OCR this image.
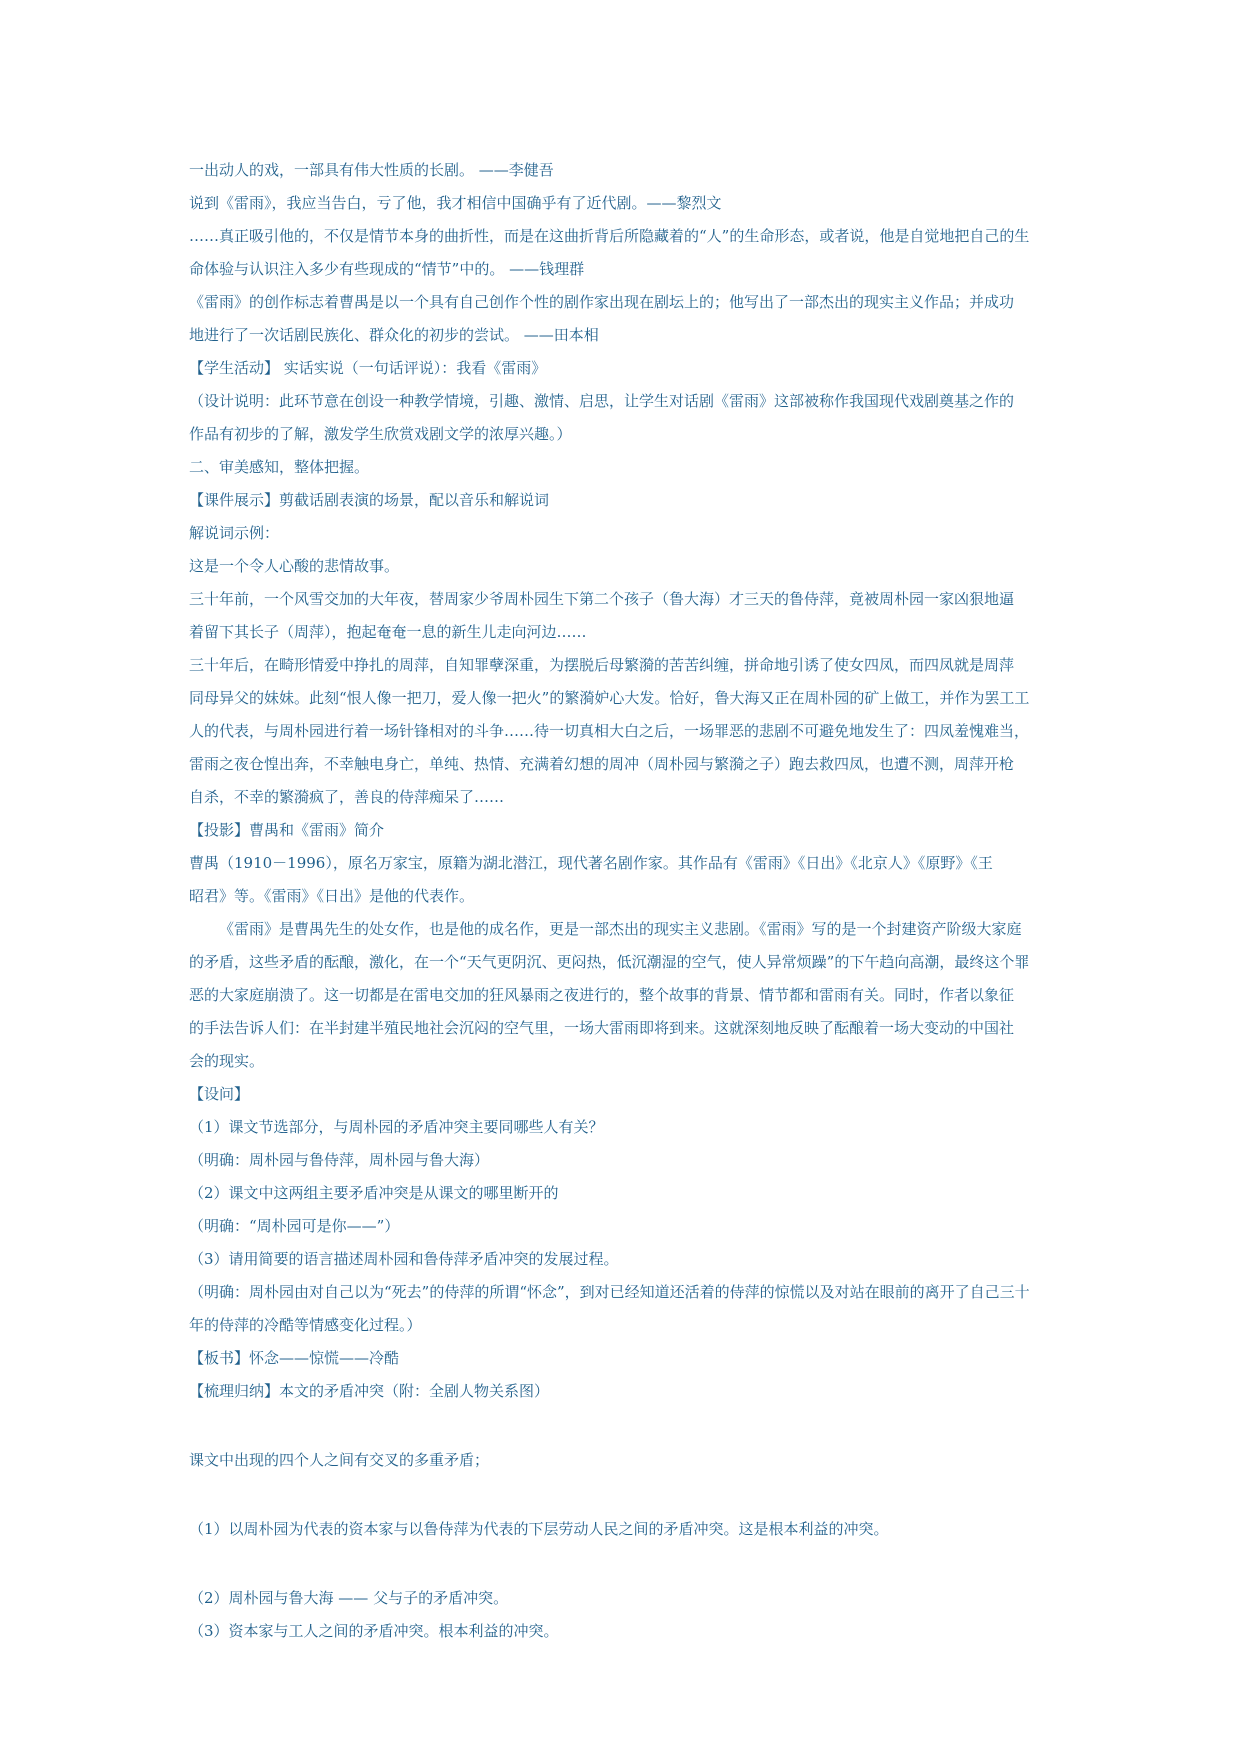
一出动人的戏，一部具有伟大性质的长剧。 ——李健吾
说到《雷雨》，我应当告白，亏了他，我才相信中国确乎有了近代剧。——黎烈文
……真正吸引他的，不仅是情节本身的曲折性，而是在这曲折背后所隐藏着的“人”的生命形态，或者说，他是自觉地把自己的生
命体验与认识注入多少有些现成的“情节”中的。 ——钱理群
《雷雨》的创作标志着曹禺是以一个具有自己创作个性的剧作家出现在剧坛上的；他写出了一部杰出的现实主义作品；并成功
地进行了一次话剧民族化、群众化的初步的尝试。 ——田本相
【学生活动】 实话实说（一句话评说）：我看《雷雨》
（设计说明：此环节意在创设一种教学情境，引趣、激情、启思，让学生对话剧《雷雨》这部被称作我国现代戏剧奠基之作的
作品有初步的了解，激发学生欣赏戏剧文学的浓厚兴趣。）
二、审美感知，整体把握。
【课件展示】剪截话剧表演的场景，配以音乐和解说词
解说词示例：
这是一个令人心酸的悲情故事。
三十年前，一个风雪交加的大年夜，替周家少爷周朴园生下第二个孩子（鲁大海）才三天的鲁侍萍，竟被周朴园一家凶狠地逼
着留下其长子（周萍），抱起奄奄一息的新生儿走向河边……
三十年后，在畸形情爱中挣扎的周萍，自知罪孽深重，为摆脱后母繁漪的苦苦纠缠，拼命地引诱了使女四凤，而四凤就是周萍
同母异父的妹妹。此刻“恨人像一把刀，爱人像一把火”的繁漪妒心大发。恰好，鲁大海又正在周朴园的矿上做工，并作为罢工工
人的代表，与周朴园进行着一场针锋相对的斗争……待一切真相大白之后，一场罪恶的悲剧不可避免地发生了：四凤羞愧难当，
雷雨之夜仓惶出奔，不幸触电身亡，单纯、热情、充满着幻想的周冲（周朴园与繁漪之子）跑去救四凤，也遭不测，周萍开枪
自杀，不幸的繁漪疯了，善良的侍萍痴呆了……
【投影】曹禺和《雷雨》简介
曹禺（1910－1996），原名万家宝，原籍为湖北潜江，现代著名剧作家。其作品有《雷雨》《日出》《北京人》《原野》《王
昭君》等。《雷雨》《日出》是他的代表作。
《雷雨》是曹禺先生的处女作，也是他的成名作，更是一部杰出的现实主义悲剧。《雷雨》写的是一个封建资产阶级大家庭
的矛盾，这些矛盾的酝酿，激化，在一个“天气更阴沉、更闷热，低沉潮湿的空气，使人异常烦躁”的下午趋向高潮，最终这个罪
恶的大家庭崩溃了。这一切都是在雷电交加的狂风暴雨之夜进行的，整个故事的背景、情节都和雷雨有关。同时，作者以象征
的手法告诉人们：在半封建半殖民地社会沉闷的空气里，一场大雷雨即将到来。这就深刻地反映了酝酿着一场大变动的中国社
会的现实。
【设问】
（1）课文节选部分，与周朴园的矛盾冲突主要同哪些人有关？
（明确：周朴园与鲁侍萍，周朴园与鲁大海）
（2）课文中这两组主要矛盾冲突是从课文的哪里断开的
（明确：“周朴园可是你——”）
（3）请用简要的语言描述周朴园和鲁侍萍矛盾冲突的发展过程。
（明确：周朴园由对自己以为“死去”的侍萍的所谓“怀念”，到对已经知道还活着的侍萍的惊慌以及对站在眼前的离开了自己三十
年的侍萍的冷酷等情感变化过程。）
【板书】怀念——惊慌——冷酷
【梳理归纳】本文的矛盾冲突（附：全剧人物关系图）
课文中出现的四个人之间有交叉的多重矛盾；
（1）以周朴园为代表的资本家与以鲁侍萍为代表的下层劳动人民之间的矛盾冲突。这是根本利益的冲突。
（2）周朴园与鲁大海 —— 父与子的矛盾冲突。
（3）资本家与工人之间的矛盾冲突。根本利益的冲突。
